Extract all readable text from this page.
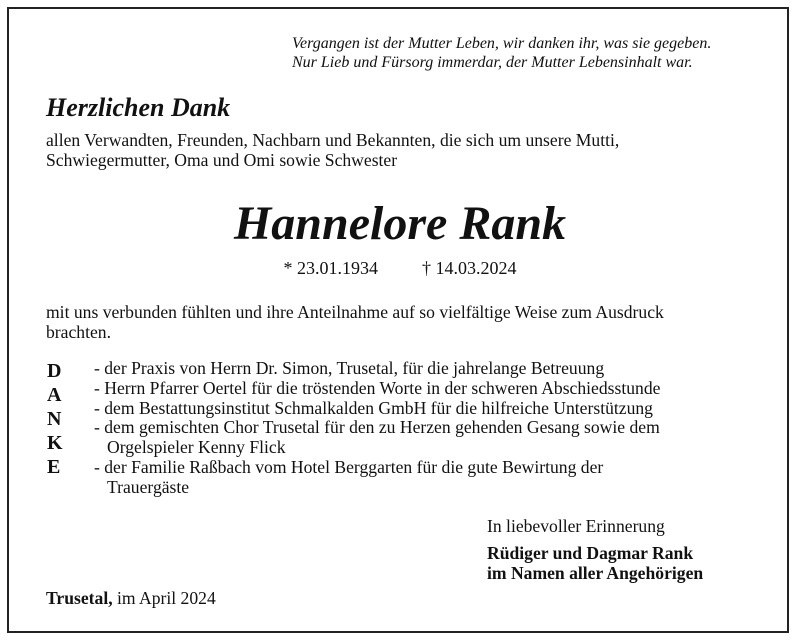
Vergangen ist der Mutter Leben, wir danken ihr, was sie gegeben.
Nur Lieb und Fürsorg immerdar, der Mutter Lebensinhalt war.
Herzlichen Dank
allen Verwandten, Freunden, Nachbarn und Bekannten, die sich um unsere Mutti,
Schwiegermutter, Oma und Omi sowie Schwester
Hannelore Rank
* 23.01.1934 † 14.03.2024
mit uns verbunden fühlten und ihre Anteilnahme auf so vielfältige Weise zum Ausdruck
brachten.
D
A
N
K
E
- der Praxis von Herrn Dr. Simon, Trusetal, für die jahrelange Betreuung
- Herrn Pfarrer Oertel für die tröstenden Worte in der schweren Abschiedsstunde
- dem Bestattungsinstitut Schmalkalden GmbH für die hilfreiche Unterstützung
- dem gemischten Chor Trusetal für den zu Herzen gehenden Gesang sowie dem
Orgelspieler Kenny Flick
- der Familie Raßbach vom Hotel Berggarten für die gute Bewirtung der
Trauergäste
In liebevoller Erinnerung
Rüdiger und Dagmar Rank
im Namen aller Angehörigen
Trusetal, im April 2024
